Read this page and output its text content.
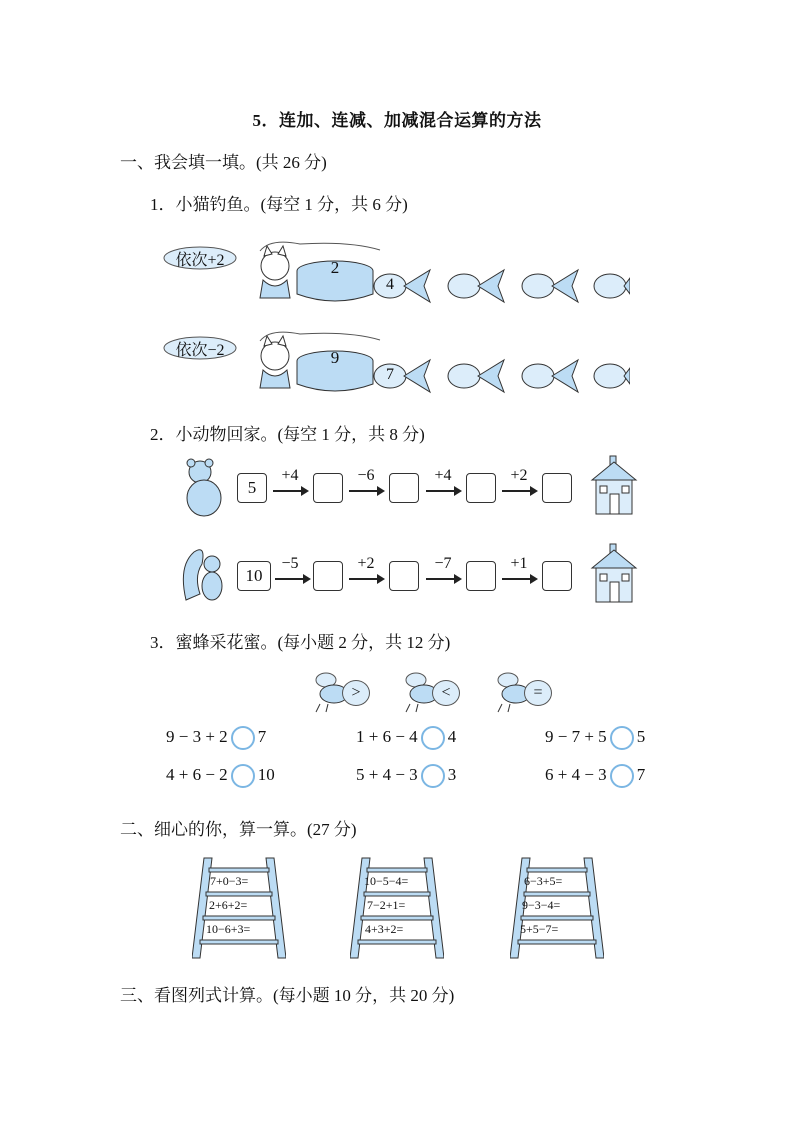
5．连加、连减、加减混合运算的方法
一、我会填一填。(共 26 分)
1．小猫钓鱼。(每空 1 分，共 6 分)
依次+2	2
4
依次−2	9
7
2．小动物回家。(每空 1 分，共 8 分)
5
+4	−6	+4	+2
10
−5	+2	−7	+1
3．蜜蜂采花蜜。(每小题 2 分，共 12 分)
>	<	=
9 − 3 + 2 7	1 + 6 − 4 4	9 − 7 + 5 5
4 + 6 − 2 10	5 + 4 − 3 3	6 + 4 − 3 7
二、细心的你，算一算。(27 分)
7+0−3=
2+6+2=
10−6+3=
10−5−4=
7−2+1=
4+3+2=
6−3+5=
9−3−4=
5+5−7=
三、看图列式计算。(每小题 10 分，共 20 分)
